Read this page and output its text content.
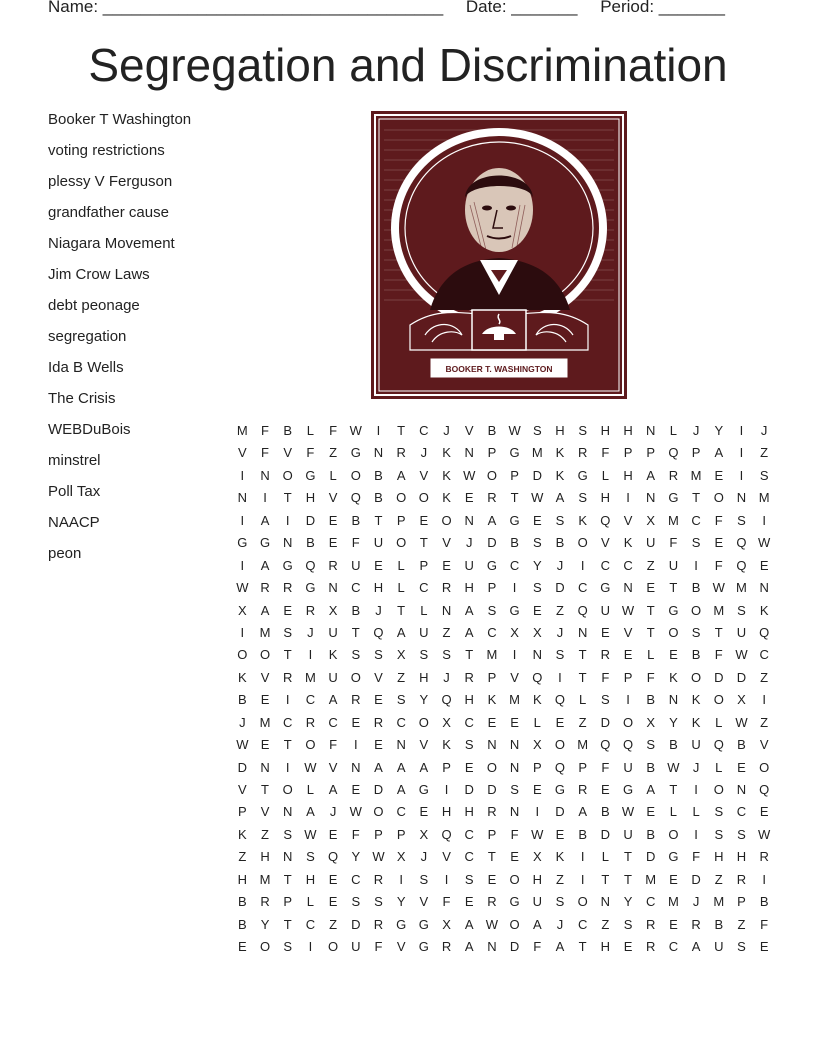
Name: ____________________________________ Date: _______ Period: _______
Segregation and Discrimination
Booker T Washington
voting restrictions
plessy V Ferguson
grandfather cause
Niagara Movement
Jim Crow Laws
debt peonage
segregation
Ida B Wells
The Crisis
WEBDuBois
minstrel
Poll Tax
NAACP
peon
BOOKER T. WASHINGTON
M	F	B	L	F W	I	T	C	J	V	B W S	H	S	H	H	N	L	J	Y	I	J
V	F	V	F	Z	G N	R	J	K	N	P	G M K	R	F	P	P	Q	P	A	I	Z
I	N O G	L	O	B	A	V	K W O	P	D	K	G	L	H	A	R M E	I	S
N	I	T	H	V	Q	B	O O	K	E	R	T W A	S	H	I	N G	T	O N M
I	A	I	D	E	B	T	P	E	O N	A	G	E	S	K	Q	V	X M C	F	S	I
G G N	B	E	F	U O	T	V	J	D	B	S	B	O	V	K	U	F	S	E	Q W
I	A	G Q R	U	E	L	P	E	U G C	Y	J	I	C	C	Z	U	I	F	Q	E
W R	R G N	C	H	L	C	R	H	P	I	S	D	C G N	E	T	B W M N
X	A	E	R	X	B	J	T	L	N	A	S	G	E	Z	Q U W T	G O M S	K
I	M S	J	U	T	Q	A	U	Z	A	C	X	X	J	N	E	V	T	O	S	T	U Q
O O	T	I	K	S	S	X	S	S	T	M	I	N	S	T	R	E	L	E	B	F W C
K	V	R M U O	V	Z	H	J	R	P	V	Q	I	T	F	P	F	K	O D	D	Z
B	E	I	C	A	R	E	S	Y	Q H	K M K	Q	L	S	I	B	N	K	O	X	I
J	M C	R	C	E	R	C O	X	C	E	E	L	E	Z	D O	X	Y	K	L W Z
W E	T	O	F	I	E	N	V	K	S	N	N	X	O M Q Q	S	B	U Q	B	V
D	N	I	W V	N	A	A	A	P	E	O N	P	Q	P	F	U	B W	J	L	E	O
V	T	O	L	A	E	D	A	G	I	D	D	S	E	G R	E	G	A	T	I	O N Q
P	V	N	A	J	W O C	E	H	H	R	N	I	D	A	B W E	L	L	S	C	E
K	Z	S W E	F	P	P	X	Q C	P	F W E	B	D	U	B	O	I	S	S W
Z	H	N	S	Q	Y W X	J	V	C	T	E	X	K	I	L	T	D G	F	H	H	R
H M	T	H	E	C	R	I	S	I	S	E	O H	Z	I	T	T	M E	D	Z	R	I
B	R	P	L	E	S	S	Y	V	F	E	R G U	S	O N	Y	C M	J	M P	B
B	Y	T	C	Z	D	R G G	X	A W O	A	J	C	Z	S	R	E	R	B	Z	F
E	O	S	I	O U	F	V	G R	A	N	D	F	A	T	H	E	R	C	A	U	S	E
